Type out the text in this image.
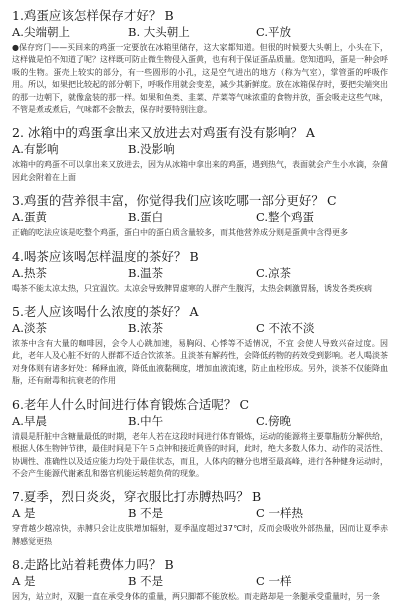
1.鸡蛋应该怎样保存才好？ B
A.尖端朝上	B. 大头朝上	C.平放
●保存窍门——买回来的鸡蛋一定要放在冰箱里储存，这大家都知道。但很的时候要大头朝上，小头在下，这样做是怕不知道了呢？这样既可防止微生物侵入蛋黄，也有利于保证蛋品质量。您知道吗，蛋是一种会呼吸的生物。蛋壳上较实的部分，有一些圆形的小孔，这是空气进出的地方（称为气室），掌管蛋的呼吸作用。所以，如果把比较起的部分朝下，呼吸作用就会变差，减少其新鲜度。放在冰箱保存时，要把尖端突出的那一边朝下，就像盒装的那一样。如果和鱼类、韭菜、芹菜等气味浓重的食物并放，蛋会吸走这些气味，不管是煮或煮后，气味都不会散去，保存时要特别注意。
2. 冰箱中的鸡蛋拿出来又放进去对鸡蛋有没有影响？ A
A.有影响	B.没影响
冰箱中的鸡蛋不可以拿出来又放进去，因为从冰箱中拿出来的鸡蛋，遇到热气，表面就会产生小水滴，杂菌因此会附着在上面
3.鸡蛋的营养很丰富，你觉得我们应该吃哪一部分更好？ C
A.蛋黄	B.蛋白	C.整个鸡蛋
正确的吃法应该是吃整个鸡蛋，蛋白中的蛋白质含量较多，而其他营养成分则是蛋黄中含得更多
4.喝茶应该喝怎样温度的茶好？ B
A.热茶	B.温茶	C.凉茶
喝茶不能太凉太热，只宜温饮。太凉会导致脾胃虚寒的人群产生腹泻，太热会刺激胃肠，诱发各类疾病
5.老人应该喝什么浓度的茶好？ A
A.淡茶	B.浓茶	C 不浓不淡
浓茶中含有大量的咖啡因，会令人心跳加速，易胸闷、心悸等不适情况，不宜 会使人导致兴奋过度。因此，老年人及心脏不好的人群都不适合饮浓茶。且淡茶有解药性，会降低药物的药效受到影响。老人喝淡茶对身体则有诸多好处：稀释血液，降低血液黏稠度，增加血液流速，防止血栓形成。另外，淡茶不仅能降血脂，还有耐毒和抗衰老的作用
6.老年人什么时间进行体育锻炼合适呢？ C
A.早晨	B.中午	C.傍晚
清晨是肝脏中含糖量最低的时期，老年人若在这段时间进行体育锻炼，运动的能源将主要靠脂肪分解供给，根据人体生物钟节律，最佳时间是下午５点钟和接近黄昏的时间，此时，绝大多数人体力、动作的灵活性、协调性、准确性以及适应能力均处于最佳状态，而且，人体内的糖分也增至最高峰，进行各种健身运动时，不会产生能源代谢紊乱和器官机能运转超负荷的现象。
7.夏季，烈日炎炎，穿衣服比打赤膊热吗？ B
A 是	B 不是	C 一样热
穿背越少越凉快，赤膊只会让皮肤增加辐射，夏季温度超过37℃时，反而会吸收外部热量，因而让夏季赤膊感觉更热
8.走路比站着耗费体力吗？ B
A 是	B 不是	C 一样
因为，站立时，双腿一直在承受身体的重量，两只脚都不能放松。而走路却是一条腿承受重量时，另一条
